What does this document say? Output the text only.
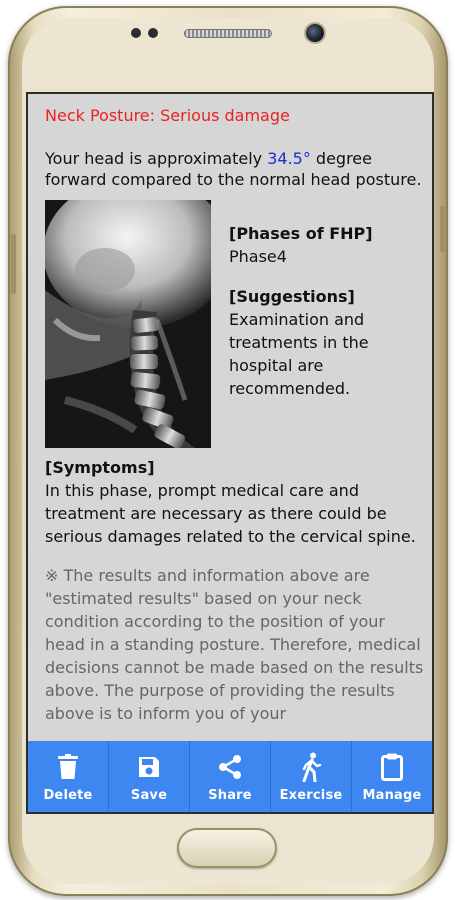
Neck Posture: Serious damage
Your head is approximately 34.5° degree forward compared to the normal head posture.
[Phases of FHP]
Phase4
[Suggestions]
Examination and treatments in the hospital are recommended.
[Symptoms]
In this phase, prompt medical care and treatment are necessary as there could be serious damages related to the cervical spine.
※ The results and information above are "estimated results" based on your neck condition according to the position of your head in a standing posture. Therefore, medical decisions cannot be made based on the results above. The purpose of providing the results above is to inform you of your
Delete	Save	Share Exercise Manage
